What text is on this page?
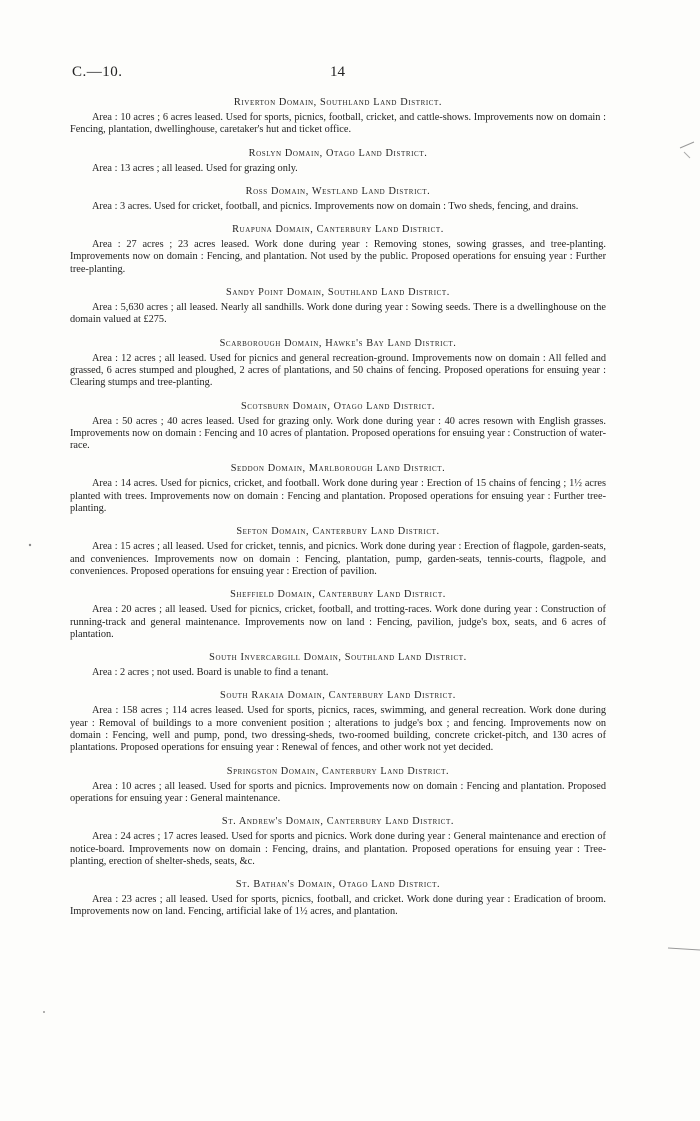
C.—10.	14
Riverton Domain, Southland Land District.

Area : 10 acres ; 6 acres leased. Used for sports, picnics, football, cricket, and cattle-shows. Improvements now on domain : Fencing, plantation, dwellinghouse, caretaker's hut and ticket office.

Roslyn Domain, Otago Land District.

Area : 13 acres ; all leased. Used for grazing only.

Ross Domain, Westland Land District.

Area : 3 acres. Used for cricket, football, and picnics. Improvements now on domain : Two sheds, fencing, and drains.

Ruapuna Domain, Canterbury Land District.

Area : 27 acres ; 23 acres leased. Work done during year : Removing stones, sowing grasses, and tree-planting. Improvements now on domain : Fencing, and plantation. Not used by the public. Proposed operations for ensuing year : Further tree-planting.

Sandy Point Domain, Southland Land District.

Area : 5,630 acres ; all leased. Nearly all sandhills. Work done during year : Sowing seeds. There is a dwellinghouse on the domain valued at £275.

Scarborough Domain, Hawke's Bay Land District.

Area : 12 acres ; all leased. Used for picnics and general recreation-ground. Improvements now on domain : All felled and grassed, 6 acres stumped and ploughed, 2 acres of plantations, and 50 chains of fencing. Proposed operations for ensuing year : Clearing stumps and tree-planting.

Scotsburn Domain, Otago Land District.

Area : 50 acres ; 40 acres leased. Used for grazing only. Work done during year : 40 acres resown with English grasses. Improvements now on domain : Fencing and 10 acres of plantation. Proposed operations for ensuing year : Construction of water-race.

Seddon Domain, Marlborough Land District.

Area : 14 acres. Used for picnics, cricket, and football. Work done during year : Erection of 15 chains of fencing ; 1½ acres planted with trees. Improvements now on domain : Fencing and plantation. Proposed operations for ensuing year : Further tree-planting.

Sefton Domain, Canterbury Land District.

Area : 15 acres ; all leased. Used for cricket, tennis, and picnics. Work done during year : Erection of flagpole, garden-seats, and conveniences. Improvements now on domain : Fencing, plantation, pump, garden-seats, tennis-courts, flagpole, and conveniences. Proposed operations for ensuing year : Erection of pavilion.

Sheffield Domain, Canterbury Land District.

Area : 20 acres ; all leased. Used for picnics, cricket, football, and trotting-races. Work done during year : Construction of running-track and general maintenance. Improvements now on land : Fencing, pavilion, judge's box, seats, and 6 acres of plantation.

South Invercargill Domain, Southland Land District.

Area : 2 acres ; not used. Board is unable to find a tenant.

South Rakaia Domain, Canterbury Land District.

Area : 158 acres ; 114 acres leased. Used for sports, picnics, races, swimming, and general recreation. Work done during year : Removal of buildings to a more convenient position ; alterations to judge's box ; and fencing. Improvements now on domain : Fencing, well and pump, pond, two dressing-sheds, two-roomed building, concrete cricket-pitch, and 130 acres of plantations. Proposed operations for ensuing year : Renewal of fences, and other work not yet decided.

Springston Domain, Canterbury Land District.

Area : 10 acres ; all leased. Used for sports and picnics. Improvements now on domain : Fencing and plantation. Proposed operations for ensuing year : General maintenance.

St. Andrew's Domain, Canterbury Land District.

Area : 24 acres ; 17 acres leased. Used for sports and picnics. Work done during year : General maintenance and erection of notice-board. Improvements now on domain : Fencing, drains, and plantation. Proposed operations for ensuing year : Tree-planting, erection of shelter-sheds, seats, &c.

St. Bathan's Domain, Otago Land District.

Area : 23 acres ; all leased. Used for sports, picnics, football, and cricket. Work done during year : Eradication of broom. Improvements now on land. Fencing, artificial lake of 1½ acres, and plantation.
